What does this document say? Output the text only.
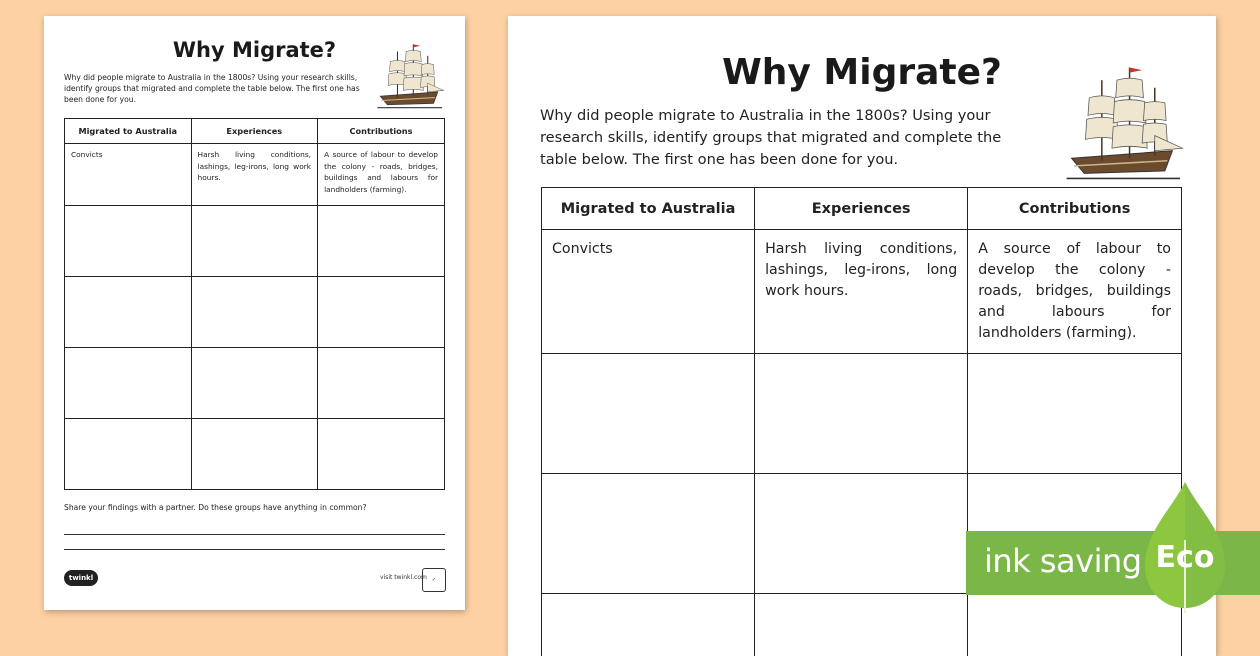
Why Migrate?

Why did people migrate to Australia in the 1800s? Using your research skills, identify groups that migrated and complete the table below. The first one has been done for you.

Migrated to Australia	Experiences	Contributions
Convicts	Harsh living conditions, lashings, leg-irons, long work hours.	A source of labour to develop the colony - roads, bridges, buildings and labours for landholders (farming).

Share your findings with a partner. Do these groups have anything in common?

twinkl	visit twinkl.com	✓
Why Migrate?

Why did people migrate to Australia in the 1800s? Using your research skills, identify groups that migrated and complete the table below. The first one has been done for you.

Migrated to Australia	Experiences	Contributions
Convicts	Harsh living conditions, lashings, leg-irons, long work hours.	A source of labour to develop the colony - roads, bridges, buildings and labours for landholders (farming).

ink saving Eco
